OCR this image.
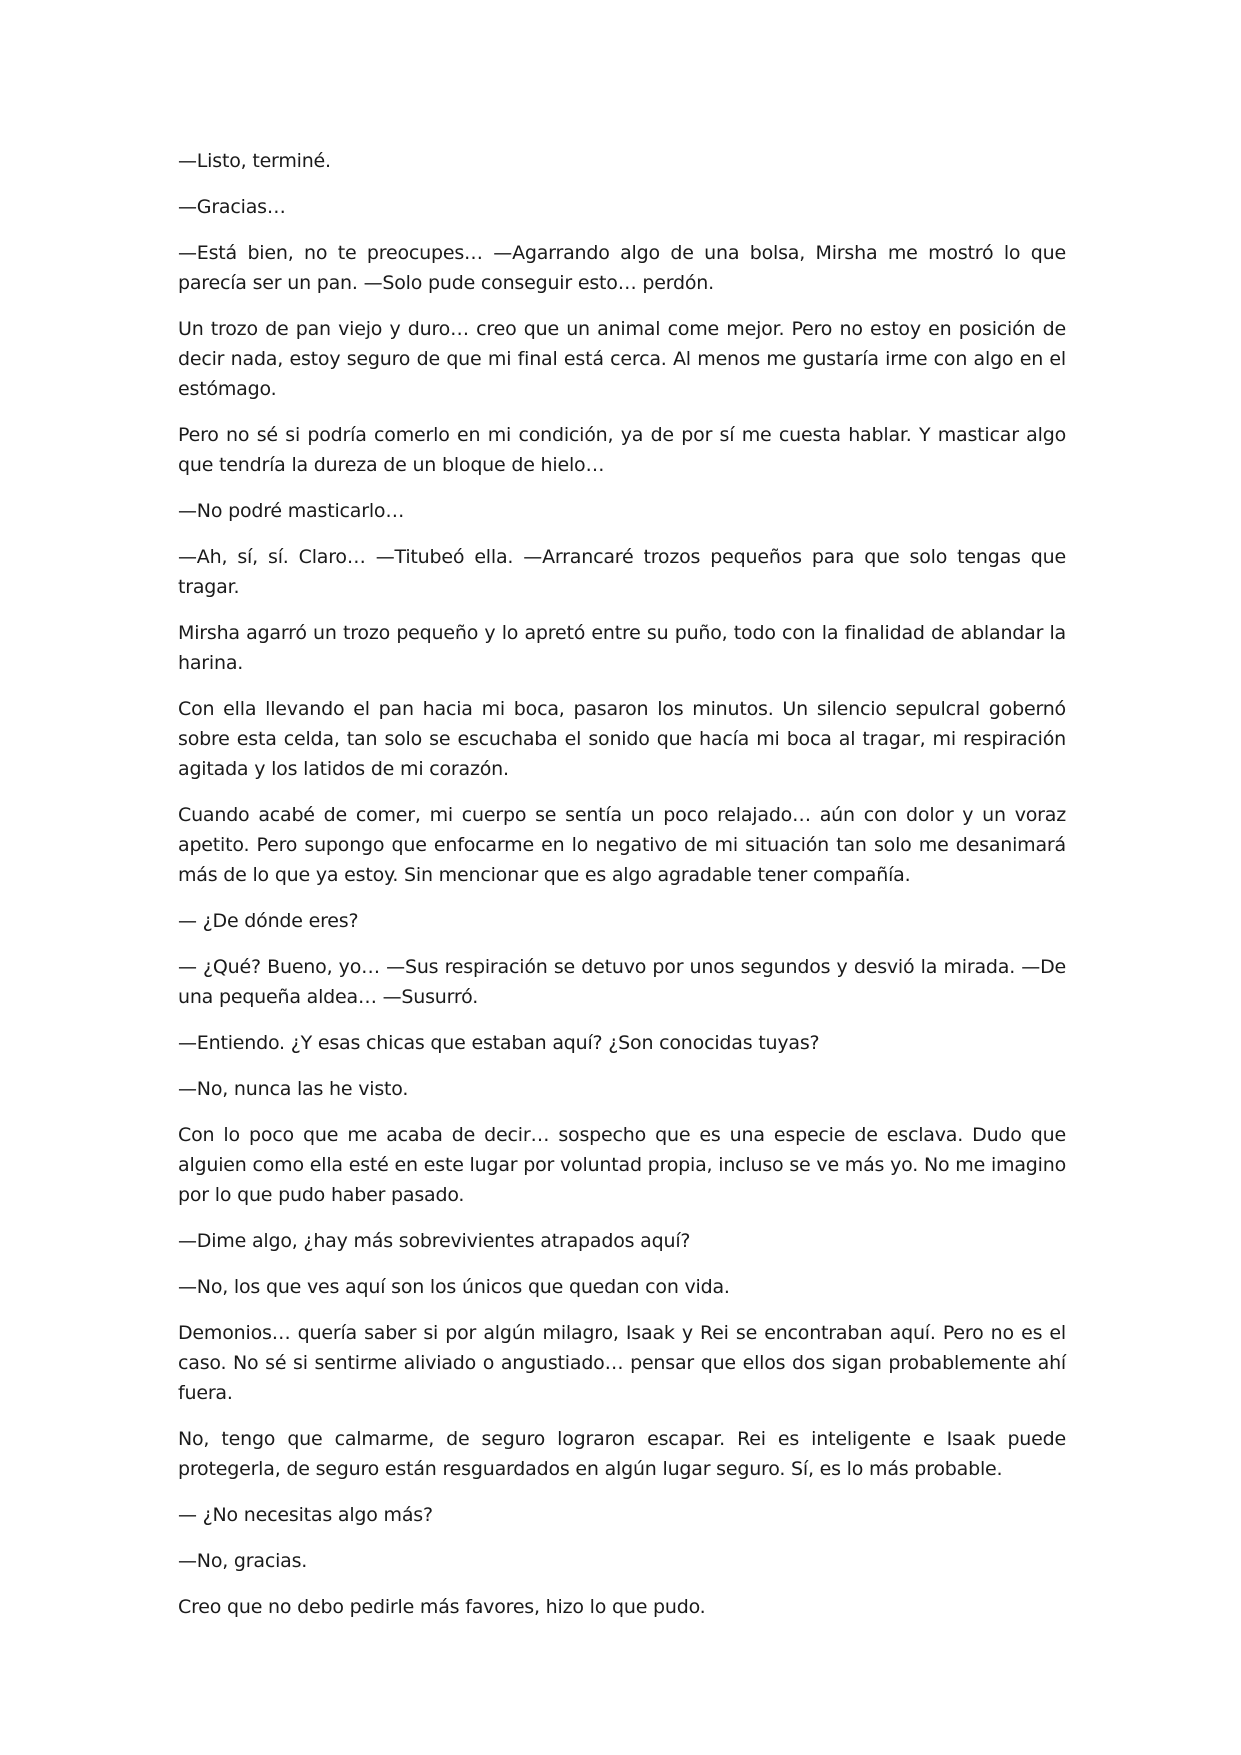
—Listo, terminé.

—Gracias…

—Está bien, no te preocupes… —Agarrando algo de una bolsa, Mirsha me mostró lo que parecía ser un pan. —Solo pude conseguir esto… perdón.

Un trozo de pan viejo y duro… creo que un animal come mejor. Pero no estoy en posición de decir nada, estoy seguro de que mi final está cerca. Al menos me gustaría irme con algo en el estómago.

Pero no sé si podría comerlo en mi condición, ya de por sí me cuesta hablar. Y masticar algo que tendría la dureza de un bloque de hielo…

—No podré masticarlo…

—Ah, sí, sí. Claro… —Titubeó ella. —Arrancaré trozos pequeños para que solo tengas que tragar.

Mirsha agarró un trozo pequeño y lo apretó entre su puño, todo con la finalidad de ablandar la harina.

Con ella llevando el pan hacia mi boca, pasaron los minutos. Un silencio sepulcral gobernó sobre esta celda, tan solo se escuchaba el sonido que hacía mi boca al tragar, mi respiración agitada y los latidos de mi corazón.

Cuando acabé de comer, mi cuerpo se sentía un poco relajado… aún con dolor y un voraz apetito. Pero supongo que enfocarme en lo negativo de mi situación tan solo me desanimará más de lo que ya estoy. Sin mencionar que es algo agradable tener compañía.

— ¿De dónde eres?

— ¿Qué? Bueno, yo… —Sus respiración se detuvo por unos segundos y desvió la mirada. —De una pequeña aldea… —Susurró.

—Entiendo. ¿Y esas chicas que estaban aquí? ¿Son conocidas tuyas?

—No, nunca las he visto.

Con lo poco que me acaba de decir… sospecho que es una especie de esclava. Dudo que alguien como ella esté en este lugar por voluntad propia, incluso se ve más yo. No me imagino por lo que pudo haber pasado.

—Dime algo, ¿hay más sobrevivientes atrapados aquí?

—No, los que ves aquí son los únicos que quedan con vida.

Demonios… quería saber si por algún milagro, Isaak y Rei se encontraban aquí. Pero no es el caso. No sé si sentirme aliviado o angustiado… pensar que ellos dos sigan probablemente ahí fuera.

No, tengo que calmarme, de seguro lograron escapar. Rei es inteligente e Isaak puede protegerla, de seguro están resguardados en algún lugar seguro. Sí, es lo más probable.

— ¿No necesitas algo más?

—No, gracias.

Creo que no debo pedirle más favores, hizo lo que pudo.
